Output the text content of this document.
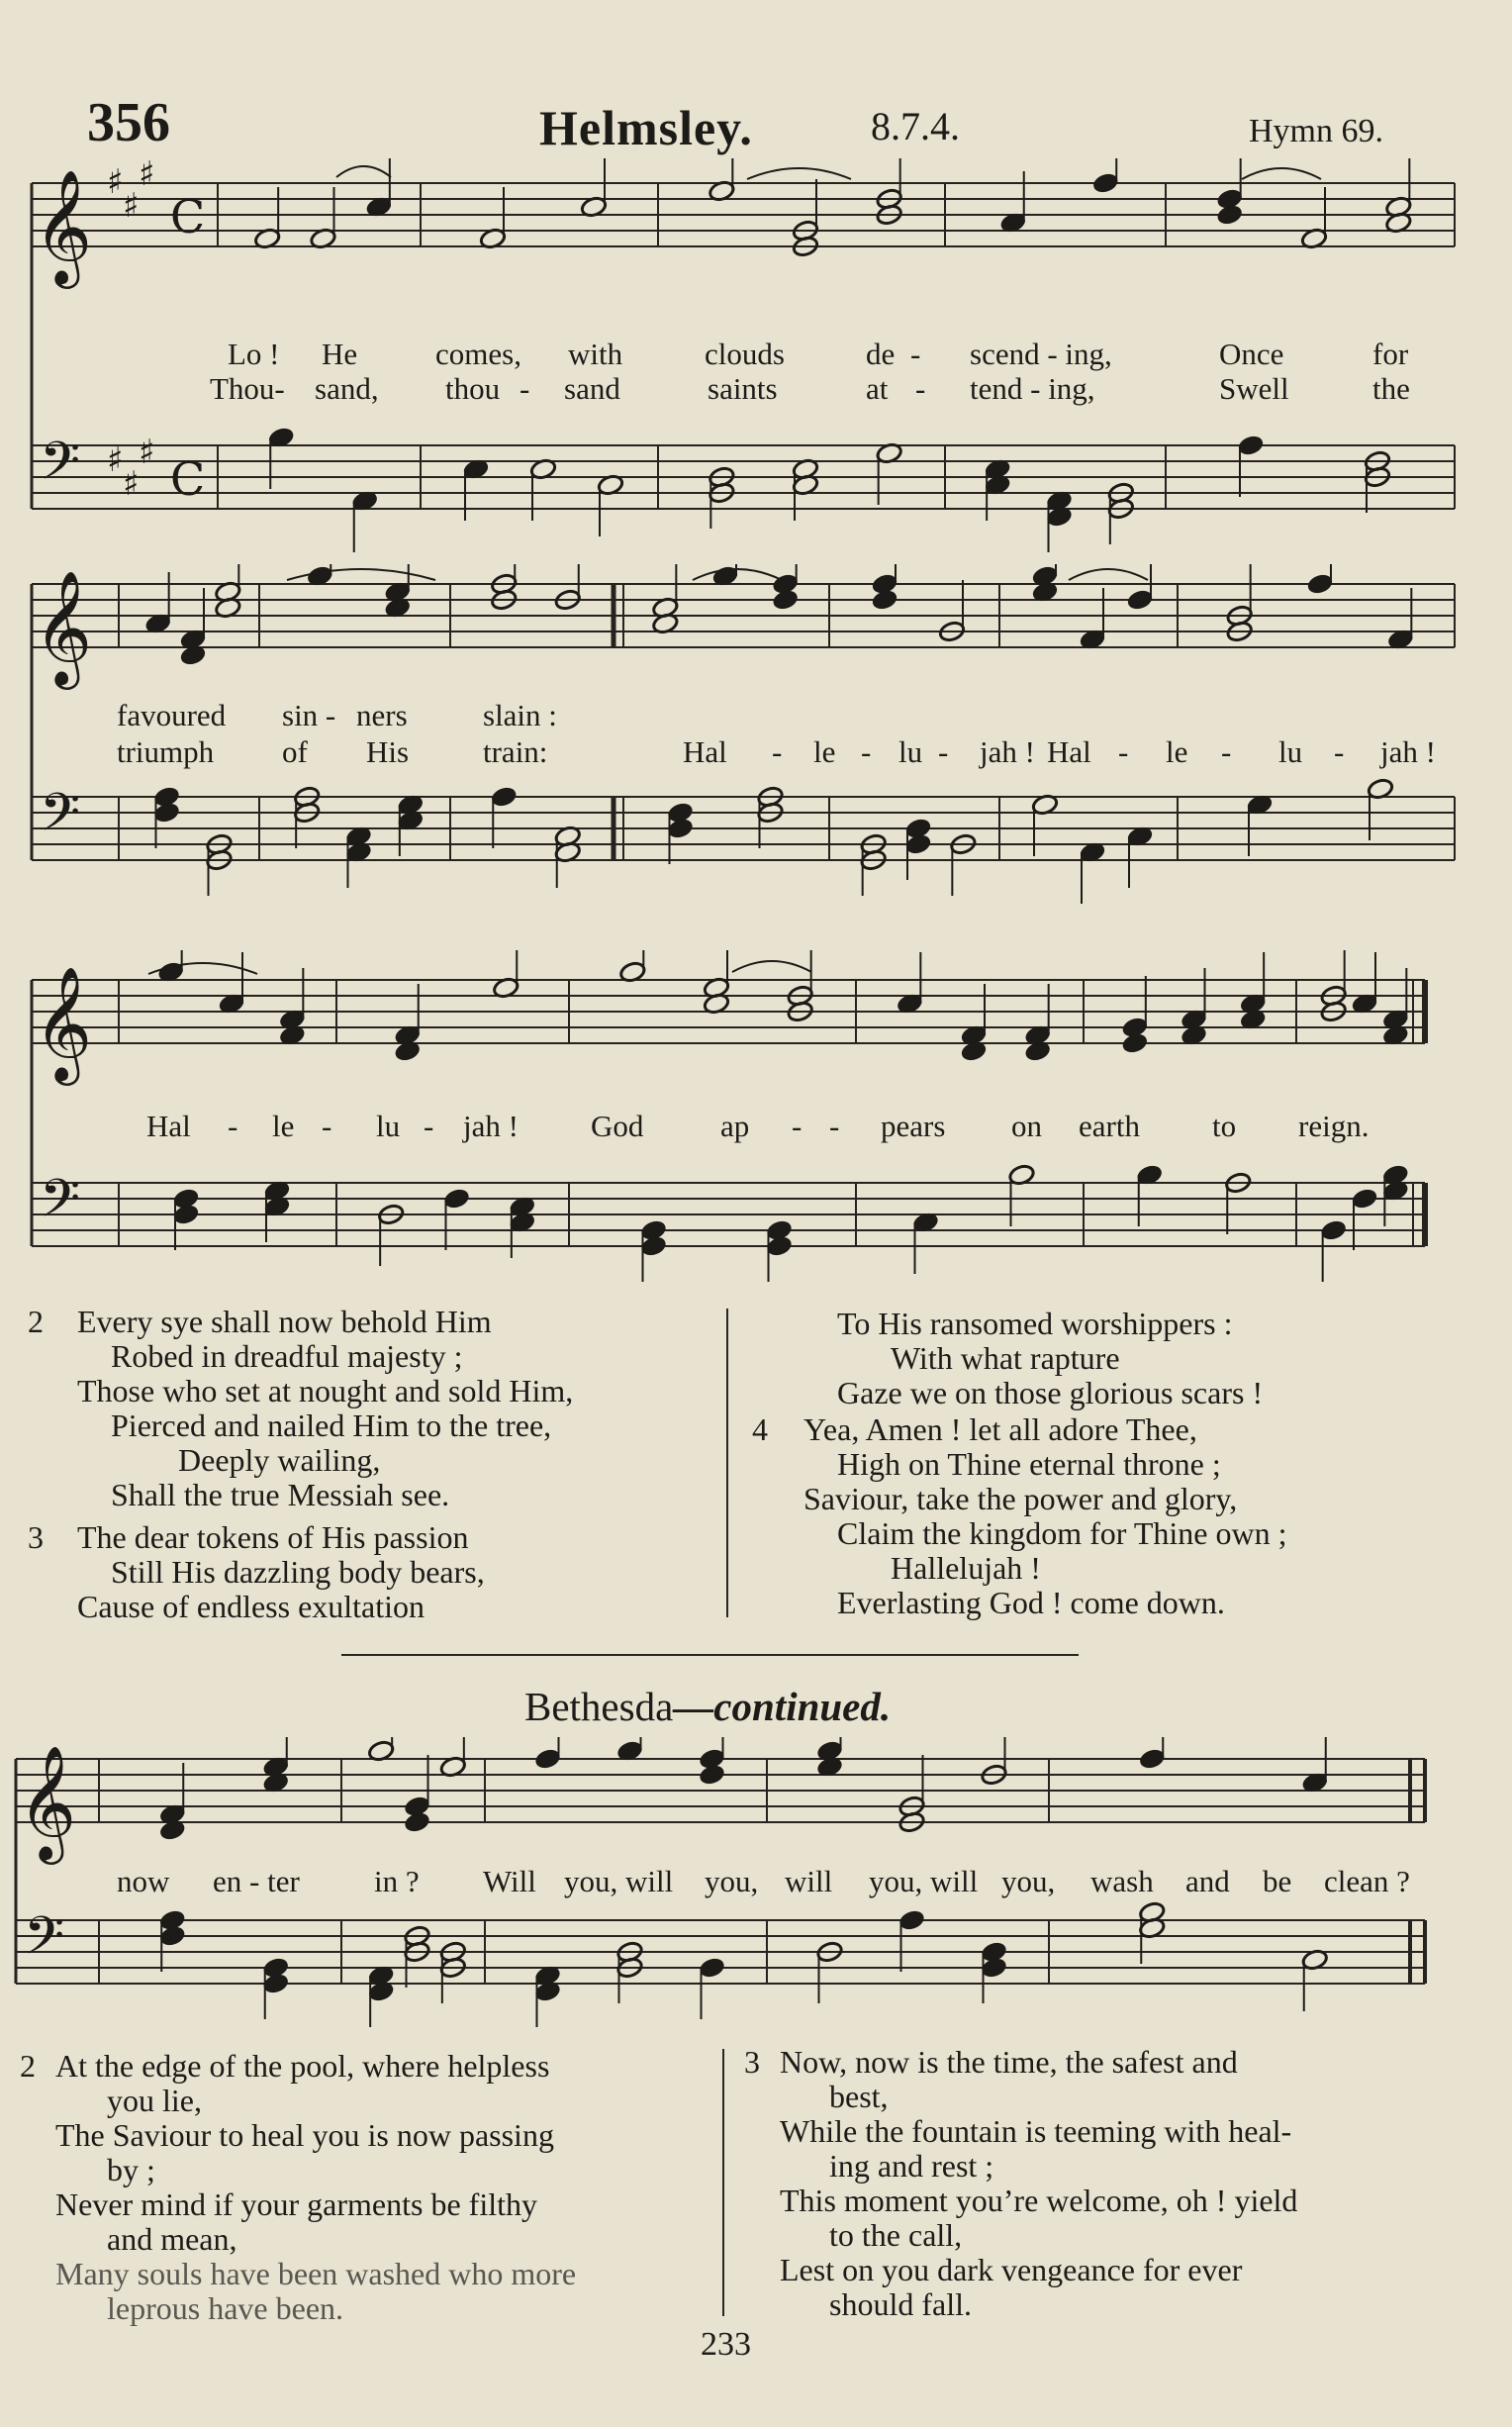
356	Helmsley.	8.7.4.	Hymn 69.
𝄞
𝄢
♯
♯
♯
♯
♯
♯
C
C
𝄞
𝄢
𝄞
𝄢
Lo ! He	comes, with	clouds	de - scend - ing,	Once	for
Thou- sand, thou - sand	saints	at - tend - ing,	Swell	the
favoured sin - ners slain :
triumph of His train:	Hal - le - lu - jah ! Hal - le - lu - jah !
Hal - le - lu - jah ! God	ap - - pears on earth to reign.
2 Every sye shall now behold Him
Robed in dreadful majesty ;
Those who set at nought and sold Him,
Pierced and nailed Him to the tree,
Deeply wailing,
Shall the true Messiah see.
3 The dear tokens of His passion
Still His dazzling body bears,
Cause of endless exultation
To His ransomed worshippers :
With what rapture
Gaze we on those glorious scars !
4 Yea, Amen ! let all adore Thee,
High on Thine eternal throne ;
Saviour, take the power and glory,
Claim the kingdom for Thine own ;
Hallelujah !
Everlasting God ! come down.
Bethesda—continued.
𝄞
𝄢
now en - ter in ? Will you, will you, will you, will you, wash and be clean ?
2 At the edge of the pool, where helpless
you lie,
The Saviour to heal you is now passing
by ;
Never mind if your garments be filthy
and mean,
Many souls have been washed who more
leprous have been.
3 Now, now is the time, the safest and
best,
While the fountain is teeming with heal-
ing and rest ;
This moment you’re welcome, oh ! yield
to the call,
Lest on you dark vengeance for ever
should fall.
233
